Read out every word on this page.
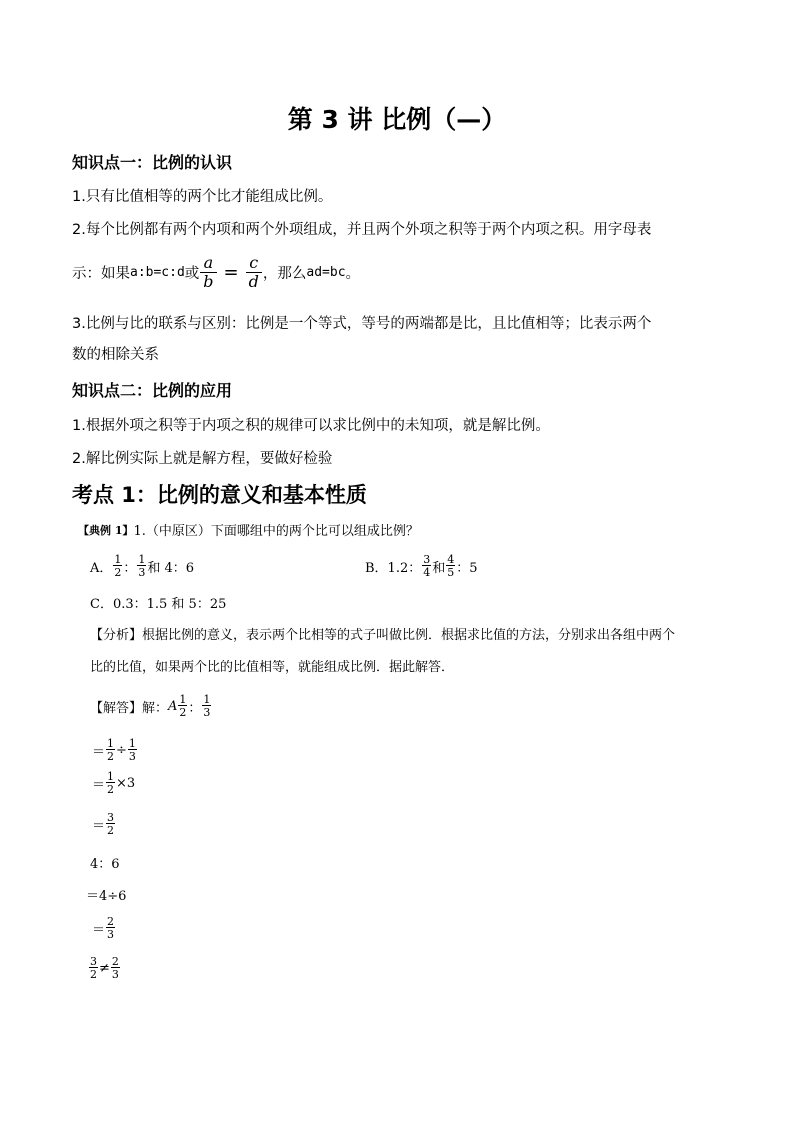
第 3 讲 比例（—）
知识点一：比例的认识
1.只有比值相等的两个比才能组成比例。
2.每个比例都有两个内项和两个外项组成，并且两个外项之积等于两个内项之积。用字母表
示：如果 a:b=c:d 或 $\frac{a}{b} = \frac{c}{d}$ ，那么 ad=bc 。
3.比例与比的联系与区别：比例是一个等式，等号的两端都是比，且比值相等；比表示两个
数的相除关系
知识点二：比例的应用
1.根据外项之积等于内项之积的规律可以求比例中的未知项，就是解比例。
2.解比例实际上就是解方程，要做好检验
考点 1：比例的意义和基本性质
【典例 1】 1.（中原区）下面哪组中的两个比可以组成比例？
A． $\frac{1}{2}$ ： $\frac{1}{3}$ 和 4：6	B．1.2： $\frac{3}{4}$ 和 $\frac{4}{5}$ ：5
C．0.3：1.5 和 5：25
【分析】根据比例的意义，表示两个比相等的式子叫做比例．根据求比值的方法，分别求出各组中两个
比的比值，如果两个比的比值相等，就能组成比例．据此解答．
【解答】解： A $\frac{1}{2}$ ： $\frac{1}{3}$
＝ $\frac{1}{2} \div \frac{1}{3}$
＝ $\frac{1}{2} \times 3$
＝ $\frac{3}{2}$
4：6
＝4÷6
＝ $\frac{2}{3}$
$\frac{3}{2} \ne \frac{2}{3}$
